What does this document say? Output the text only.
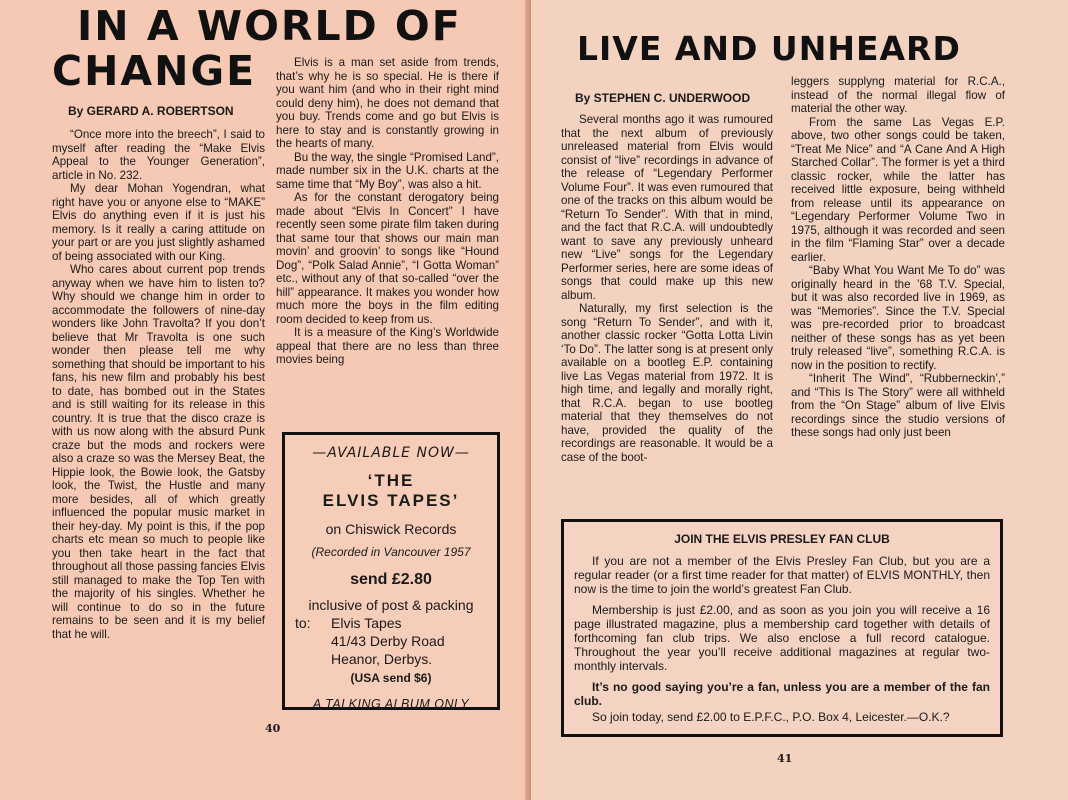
IN A WORLD OF
CHANGE

By GERARD A. ROBERTSON

“Once more into the breech”, I said to myself after reading the “Make Elvis Appeal to the Younger Generation”, article in No. 232.

My dear Mohan Yogendran, what right have you or anyone else to “MAKE” Elvis do anything even if it is just his memory. Is it really a caring attitude on your part or are you just slightly ashamed of being associated with our King.

Who cares about current pop trends anyway when we have him to listen to? Why should we change him in order to accommodate the followers of nine-day wonders like John Travolta? If you don’t believe that Mr Travolta is one such wonder then please tell me why something that should be important to his fans, his new film and probably his best to date, has bombed out in the States and is still waiting for its release in this country. It is true that the disco craze is with us now along with the absurd Punk craze but the mods and rockers were also a craze so was the Mersey Beat, the Hippie look, the Bowie look, the Gatsby look, the Twist, the Hustle and many more besides, all of which greatly influenced the popular music market in their hey-day. My point is this, if the pop charts etc mean so much to people like you then take heart in the fact that throughout all those passing fancies Elvis still managed to make the Top Ten with the majority of his singles. Whether he will continue to do so in the future remains to be seen and it is my belief that he will.

Elvis is a man set aside from trends, that’s why he is so special. He is there if you want him (and who in their right mind could deny him), he does not demand that you buy. Trends come and go but Elvis is here to stay and is constantly growing in the hearts of many.

Bu the way, the single “Promised Land”, made number six in the U.K. charts at the same time that “My Boy”, was also a hit.

As for the constant derogatory being made about “Elvis In Concert” I have recently seen some pirate film taken during that same tour that shows our main man movin’ and groovin’ to songs like “Hound Dog”, “Polk Salad Annie”, “I Gotta Woman” etc., without any of that so-called “over the hill” appearance. It makes you wonder how much more the boys in the film editing room decided to keep from us.

It is a measure of the King’s Worldwide appeal that there are no less than three movies being

—AVAILABLE NOW—
‘THE
ELVIS TAPES’
on Chiswick Records
(Recorded in Vancouver 1957
send £2.80
inclusive of post & packing
to: Elvis Tapes
41/43 Derby Road
Heanor, Derbys.
(USA send $6)
A TALKING ALBUM ONLY
40
LIVE AND UNHEARD

By STEPHEN C. UNDERWOOD

Several months ago it was rumoured that the next album of previously unreleased material from Elvis would consist of “live” recordings in advance of the release of “Legendary Performer Volume Four”. It was even rumoured that one of the tracks on this album would be “Return To Sender”. With that in mind, and the fact that R.C.A. will undoubtedly want to save any previously unheard new “Live” songs for the Legendary Performer series, here are some ideas of songs that could make up this new album.

Naturally, my first selection is the song “Return To Sender”, and with it, another classic rocker “Gotta Lotta Livin ‘To Do”. The latter song is at present only available on a bootleg E.P. containing live Las Vegas material from 1972. It is high time, and legally and morally right, that R.C.A. began to use bootleg material that they themselves do not have, provided the quality of the recordings are reasonable. It would be a case of the boot-

leggers supplyng material for R.C.A., instead of the normal illegal flow of material the other way.

From the same Las Vegas E.P. above, two other songs could be taken, “Treat Me Nice” and “A Cane And A High Starched Collar”. The former is yet a third classic rocker, while the latter has received little exposure, being withheld from release until its appearance on “Legendary Performer Volume Two in 1975, although it was recorded and seen in the film “Flaming Star” over a decade earlier.

“Baby What You Want Me To do” was originally heard in the ’68 T.V. Special, but it was also recorded live in 1969, as was “Memories”. Since the T.V. Special was pre-recorded prior to broadcast neither of these songs has as yet been truly released “live”, something R.C.A. is now in the position to rectify.

“Inherit The Wind”, “Rubberneckin’,” and “This Is The Story” were all withheld from the “On Stage” album of live Elvis recordings since the studio versions of these songs had only just been

JOIN THE ELVIS PRESLEY FAN CLUB

If you are not a member of the Elvis Presley Fan Club, but you are a regular reader (or a first time reader for that matter) of ELVIS MONTHLY, then now is the time to join the world’s greatest Fan Club.

Membership is just £2.00, and as soon as you join you will receive a 16 page illustrated magazine, plus a membership card together with details of forthcoming fan club trips. We also enclose a full record catalogue. Throughout the year you’ll receive additional magazines at regular two-monthly intervals.

It’s no good saying you’re a fan, unless you are a member of the fan club.

So join today, send £2.00 to E.P.F.C., P.O. Box 4, Leicester.—O.K.?

41
